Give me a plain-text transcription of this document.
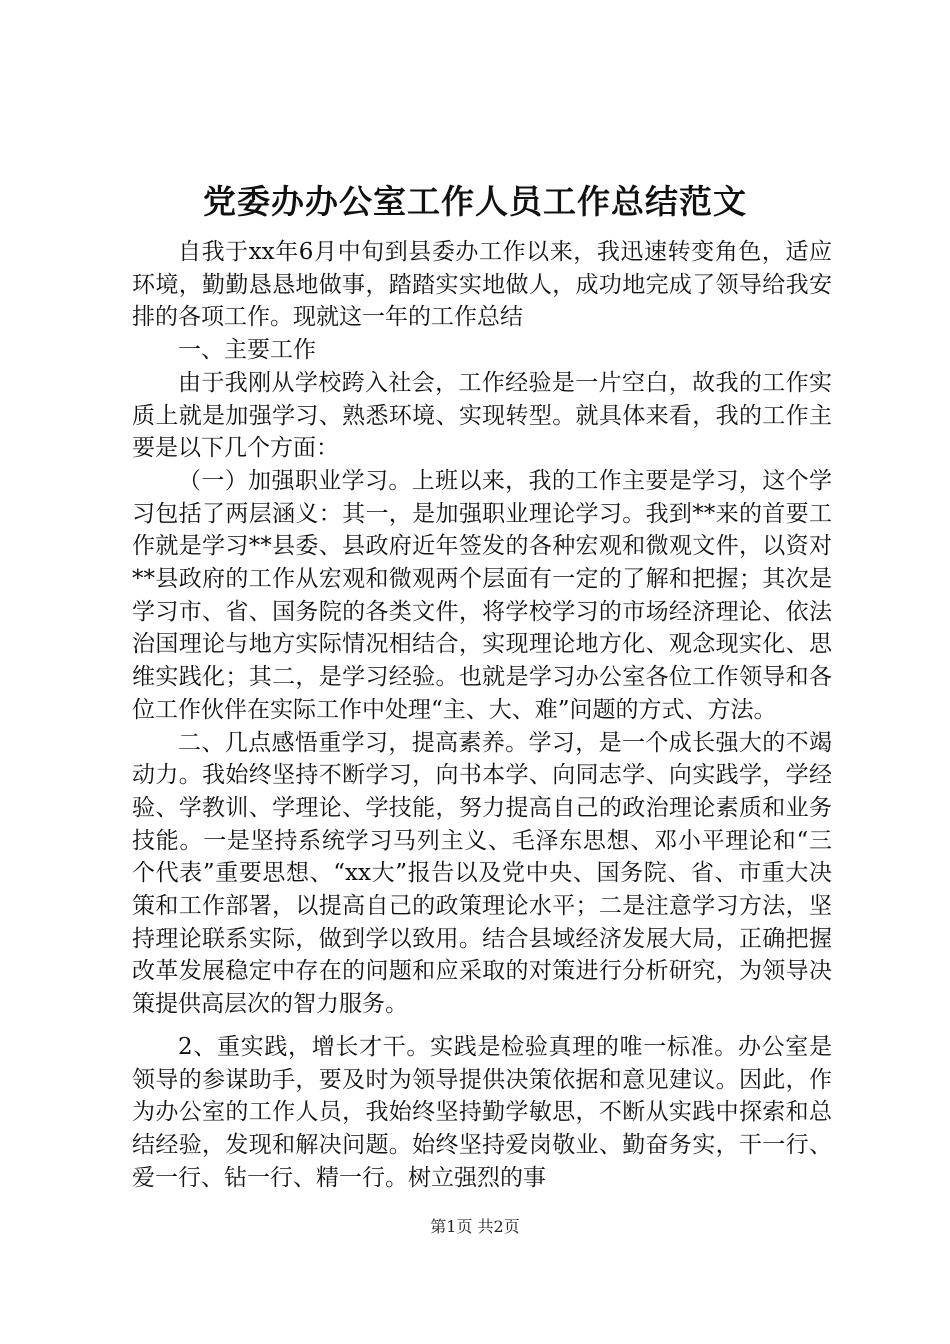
党委办办公室工作人员工作总结范文

自我于xx年6月中旬到县委办工作以来，我迅速转变角色，适应环境，勤勤恳恳地做事，踏踏实实地做人，成功地完成了领导给我安排的各项工作。现就这一年的工作总结

一、主要工作

由于我刚从学校跨入社会，工作经验是一片空白，故我的工作实质上就是加强学习、熟悉环境、实现转型。就具体来看，我的工作主要是以下几个方面：

（一）加强职业学习。上班以来，我的工作主要是学习，这个学习包括了两层涵义：其一，是加强职业理论学习。我到**来的首要工作就是学习**县委、县政府近年签发的各种宏观和微观文件，以资对**县政府的工作从宏观和微观两个层面有一定的了解和把握；其次是学习市、省、国务院的各类文件，将学校学习的市场经济理论、依法治国理论与地方实际情况相结合，实现理论地方化、观念现实化、思维实践化；其二，是学习经验。也就是学习办公室各位工作领导和各位工作伙伴在实际工作中处理“主、大、难”问题的方式、方法。

二、几点感悟重学习，提高素养。学习，是一个成长强大的不竭动力。我始终坚持不断学习，向书本学、向同志学、向实践学，学经验、学教训、学理论、学技能，努力提高自己的政治理论素质和业务技能。一是坚持系统学习马列主义、毛泽东思想、邓小平理论和“三个代表”重要思想、“xx大”报告以及党中央、国务院、省、市重大决策和工作部署，以提高自己的政策理论水平；二是注意学习方法，坚持理论联系实际，做到学以致用。结合县域经济发展大局，正确把握改革发展稳定中存在的问题和应采取的对策进行分析研究，为领导决策提供高层次的智力服务。

2、重实践，增长才干。实践是检验真理的唯一标准。办公室是领导的参谋助手，要及时为领导提供决策依据和意见建议。因此，作为办公室的工作人员，我始终坚持勤学敏思，不断从实践中探索和总结经验，发现和解决问题。始终坚持爱岗敬业、勤奋务实，干一行、爱一行、钻一行、精一行。树立强烈的事

第1页 共2页
